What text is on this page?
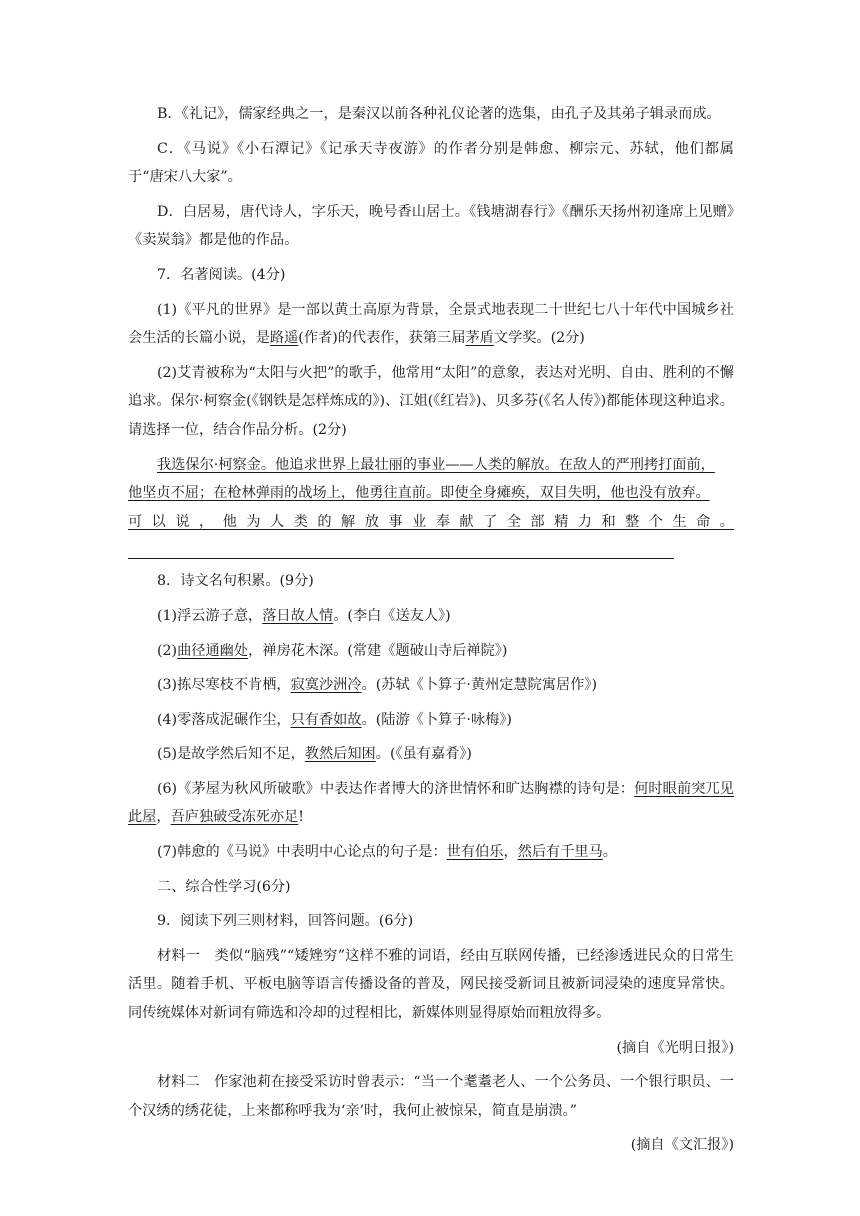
B．《礼记》，儒家经典之一，是秦汉以前各种礼仪论著的选集，由孔子及其弟子辑录而成。

C．《马说》《小石潭记》《记承天寺夜游》的作者分别是韩愈、柳宗元、苏轼，他们都属于“唐宋八大家”。

D．白居易，唐代诗人，字乐天，晚号香山居士。《钱塘湖春行》《酬乐天扬州初逢席上见赠》《卖炭翁》都是他的作品。

7．名著阅读。(4分)

(1)《平凡的世界》是一部以黄土高原为背景，全景式地表现二十世纪七八十年代中国城乡社会生活的长篇小说，是路遥(作者)的代表作，获第三届茅盾文学奖。(2分)

(2)艾青被称为“太阳与火把”的歌手，他常用“太阳”的意象，表达对光明、自由、胜利的不懈追求。保尔·柯察金(《钢铁是怎样炼成的》)、江姐(《红岩》)、贝多芬(《名人传》)都能体现这种追求。请选择一位，结合作品分析。(2分)

我选保尔·柯察金。他追求世界上最壮丽的事业——人类的解放。在敌人的严刑拷打面前，

他坚贞不屈；在枪林弹雨的战场上，他勇往直前。即使全身瘫痪，双目失明，他也没有放弃。

可以说，他为人类的解放事业奉献了全部精力和整个生命。

8．诗文名句积累。(9分)

(1)浮云游子意，落日故人情。(李白《送友人》)

(2)曲径通幽处，禅房花木深。(常建《题破山寺后禅院》)

(3)拣尽寒枝不肯栖，寂寞沙洲冷。(苏轼《卜算子·黄州定慧院寓居作》)

(4)零落成泥碾作尘，只有香如故。(陆游《卜算子·咏梅》)

(5)是故学然后知不足，教然后知困。(《虽有嘉肴》)

(6)《茅屋为秋风所破歌》中表达作者博大的济世情怀和旷达胸襟的诗句是：何时眼前突兀见此屋，吾庐独破受冻死亦足!

(7)韩愈的《马说》中表明中心论点的句子是：世有伯乐，然后有千里马。

二、综合性学习(6分)

9．阅读下列三则材料，回答问题。(6分)

材料一　类似“脑残”“矮矬穷”这样不雅的词语，经由互联网传播，已经渗透进民众的日常生活里。随着手机、平板电脑等语言传播设备的普及，网民接受新词且被新词浸染的速度异常快。同传统媒体对新词有筛选和冷却的过程相比，新媒体则显得原始而粗放得多。

(摘自《光明日报》)

材料二　作家池莉在接受采访时曾表示：“当一个耄耋老人、一个公务员、一个银行职员、一个汉绣的绣花徒，上来都称呼我为‘亲’时，我何止被惊呆，简直是崩溃。”

(摘自《文汇报》)
